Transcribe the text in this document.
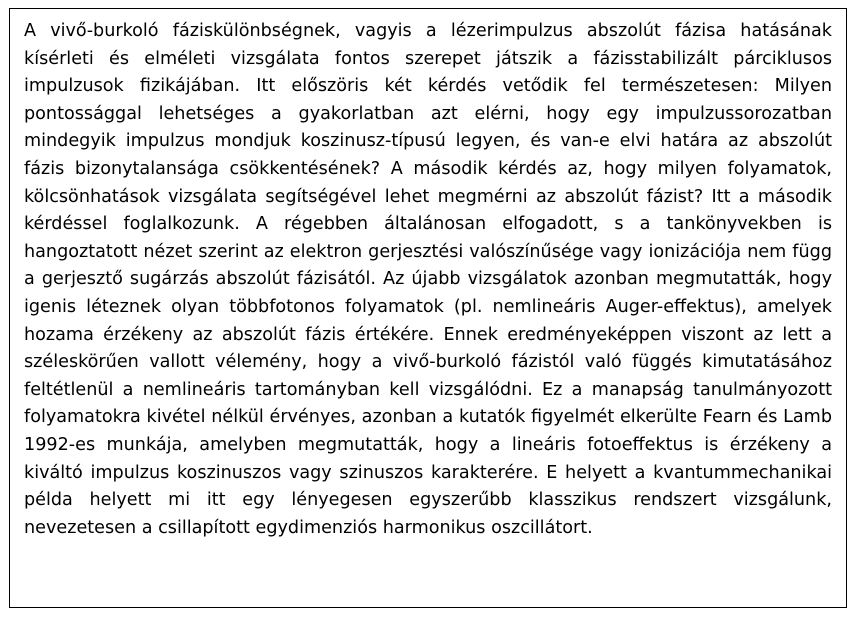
A vivő-burkoló fáziskülönbségnek, vagyis a lézerimpulzus abszolút fázisa hatásának kísérleti és elméleti vizsgálata fontos szerepet játszik a fázisstabilizált párciklusos impulzusok fizikájában. Itt előszöris két kérdés vetődik fel természetesen: Milyen pontossággal lehetséges a gyakorlatban azt elérni, hogy egy impulzussorozatban mindegyik impulzus mondjuk koszinusz-típusú legyen, és van-e elvi határa az abszolút fázis bizonytalansága csökkentésének? A második kérdés az, hogy milyen folyamatok, kölcsönhatások vizsgálata segítségével lehet megmérni az abszolút fázist? Itt a második kérdéssel foglalkozunk. A régebben általánosan elfogadott, s a tankönyvekben is hangoztatott nézet szerint az elektron gerjesztési valószínűsége vagy ionizációja nem függ a gerjesztő sugárzás abszolút fázisától. Az újabb vizsgálatok azonban megmutatták, hogy igenis léteznek olyan többfotonos folyamatok (pl. nemlineáris Auger-effektus), amelyek hozama érzékeny az abszolút fázis értékére. Ennek eredményeképpen viszont az lett a széleskörűen vallott vélemény, hogy a vivő-burkoló fázistól való függés kimutatásához feltétlenül a nemlineáris tartományban kell vizsgálódni. Ez a manapság tanulmányozott folyamatokra kivétel nélkül érvényes, azonban a kutatók figyelmét elkerülte Fearn és Lamb 1992-es munkája, amelyben megmutatták, hogy a lineáris fotoeffektus is érzékeny a kiváltó impulzus koszinuszos vagy szinuszos karakterére. E helyett a kvantummechanikai példa helyett mi itt egy lényegesen egyszerűbb klasszikus rendszert vizsgálunk, nevezetesen a csillapított egydimenziós harmonikus oszcillátort.
